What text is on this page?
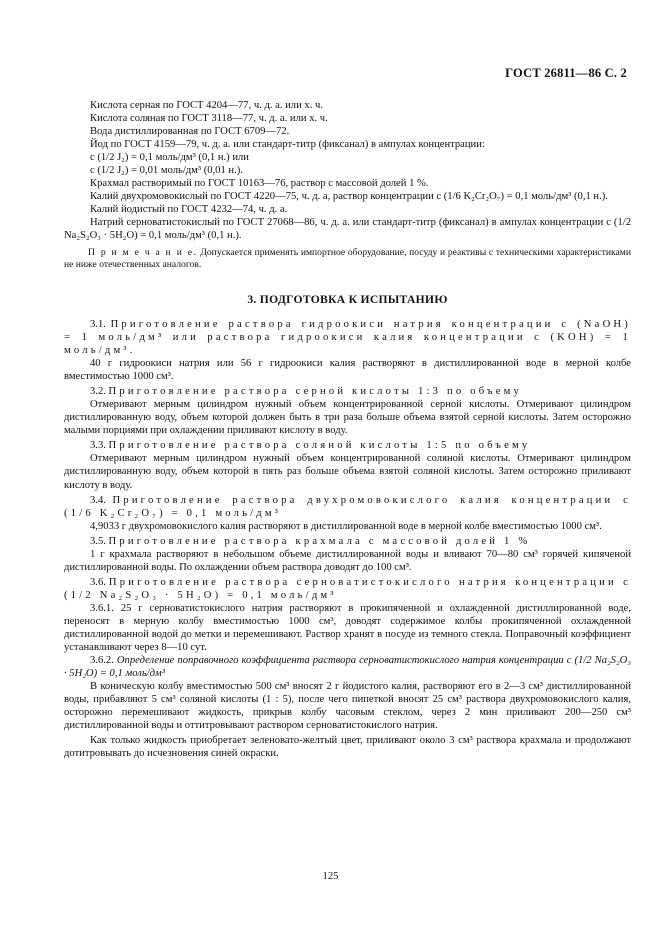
ГОСТ 26811—86 С. 2

Кислота серная по ГОСТ 4204—77, ч. д. а. или х. ч.

Кислота соляная по ГОСТ 3118—77, ч. д. а. или х. ч.

Вода дистиллированная по ГОСТ 6709—72.

Йод по ГОСТ 4159—79, ч. д. а. или стандарт-титр (фиксанал) в ампулах концентрации:

c (1/2 J₂) = 0,1 моль/дм³ (0,1 н.) или

c (1/2 J₂) = 0,01 моль/дм³ (0,01 н.).

Крахмал растворимый по ГОСТ 10163—76, раствор с массовой долей 1 %.

Калий двухромовокислый по ГОСТ 4220—75, ч. д. а, раствор концентрации c (1/6 K₂Cr₂O₇) = 0,1 моль/дм³ (0,1 н.).

Калий йодистый по ГОСТ 4232—74, ч. д. а.

Натрий серноватистокислый по ГОСТ 27068—86, ч. д. а. или стандарт-титр (фиксанал) в ампулах концентрации c (1/2 Na₂S₂O₃ · 5H₂O) = 0,1 моль/дм³ (0,1 н.).

П р и м е ч а н и е. Допускается применять импортное оборудование, посуду и реактивы с техническими характеристиками не ниже отечественных аналогов.

3. ПОДГОТОВКА К ИСПЫТАНИЮ

3.1. Приготовление раствора гидроокиси натрия концентрации c (NaOH) = 1 моль/дм³ или раствора гидроокиси калия концентрации c (KOH) = 1 моль/дм³.

40 г гидроокиси натрия или 56 г гидроокиси калия растворяют в дистиллированной воде в мерной колбе вместимостью 1000 см³.

3.2. Приготовление раствора серной кислоты 1:3 по объему

Отмеривают мерным цилиндром нужный объем концентрированной серной кислоты. Отмеривают цилиндром дистиллированную воду, объем которой должен быть в три раза больше объема взятой серной кислоты. Затем осторожно малыми порциями при охлаждении приливают кислоту в воду.

3.3. Приготовление раствора соляной кислоты 1:5 по объему

Отмеривают мерным цилиндром нужный объем концентрированной соляной кислоты. Отмеривают цилиндром дистиллированную воду, объем которой в пять раз больше объема взятой соляной кислоты. Затем осторожно приливают кислоту в воду.

3.4. Приготовление раствора двухромовокислого калия концентрации c (1/6 K₂Cr₂O₇) = 0,1 моль/дм³

4,9033 г двухромовокислого калия растворяют в дистиллированной воде в мерной колбе вместимостью 1000 см³.

3.5. Приготовление раствора крахмала с массовой долей 1 %

1 г крахмала растворяют в небольшом объеме дистиллированной воды и вливают 70—80 см³ горячей кипяченой дистиллированной воды. По охлаждении объем раствора доводят до 100 см³.

3.6. Приготовление раствора серноватистокислого натрия концентрации c (1/2 Na₂S₂O₃ · 5H₂O) = 0,1 моль/дм³

3.6.1. 25 г серноватистокислого натрия растворяют в прокипяченной и охлажденной дистиллированной воде, переносят в мерную колбу вместимостью 1000 см³, доводят содержимое колбы прокипяченной охлажденной дистиллированной водой до метки и перемешивают. Раствор хранят в посуде из темного стекла. Поправочный коэффициент устанавливают через 8—10 сут.

3.6.2. Определение поправочного коэффициента раствора серноватистокислого натрия концентрации c (1/2 Na₂S₂O₃ · 5H₂O) = 0,1 моль/дм³

В коническую колбу вместимостью 500 см³ вносят 2 г йодистого калия, растворяют его в 2—3 см³ дистиллированной воды, прибавляют 5 см³ соляной кислоты (1 : 5), после чего пипеткой вносят 25 см³ раствора двухромовокислого калия, осторожно перемешивают жидкость, прикрыв колбу часовым стеклом, через 2 мин приливают 200—250 см³ дистиллированной воды и оттитровывают раствором серноватистокислого натрия.

Как только жидкость приобретает зеленовато-желтый цвет, приливают около 3 см³ раствора крахмала и продолжают дотитровывать до исчезновения синей окраски.

125
